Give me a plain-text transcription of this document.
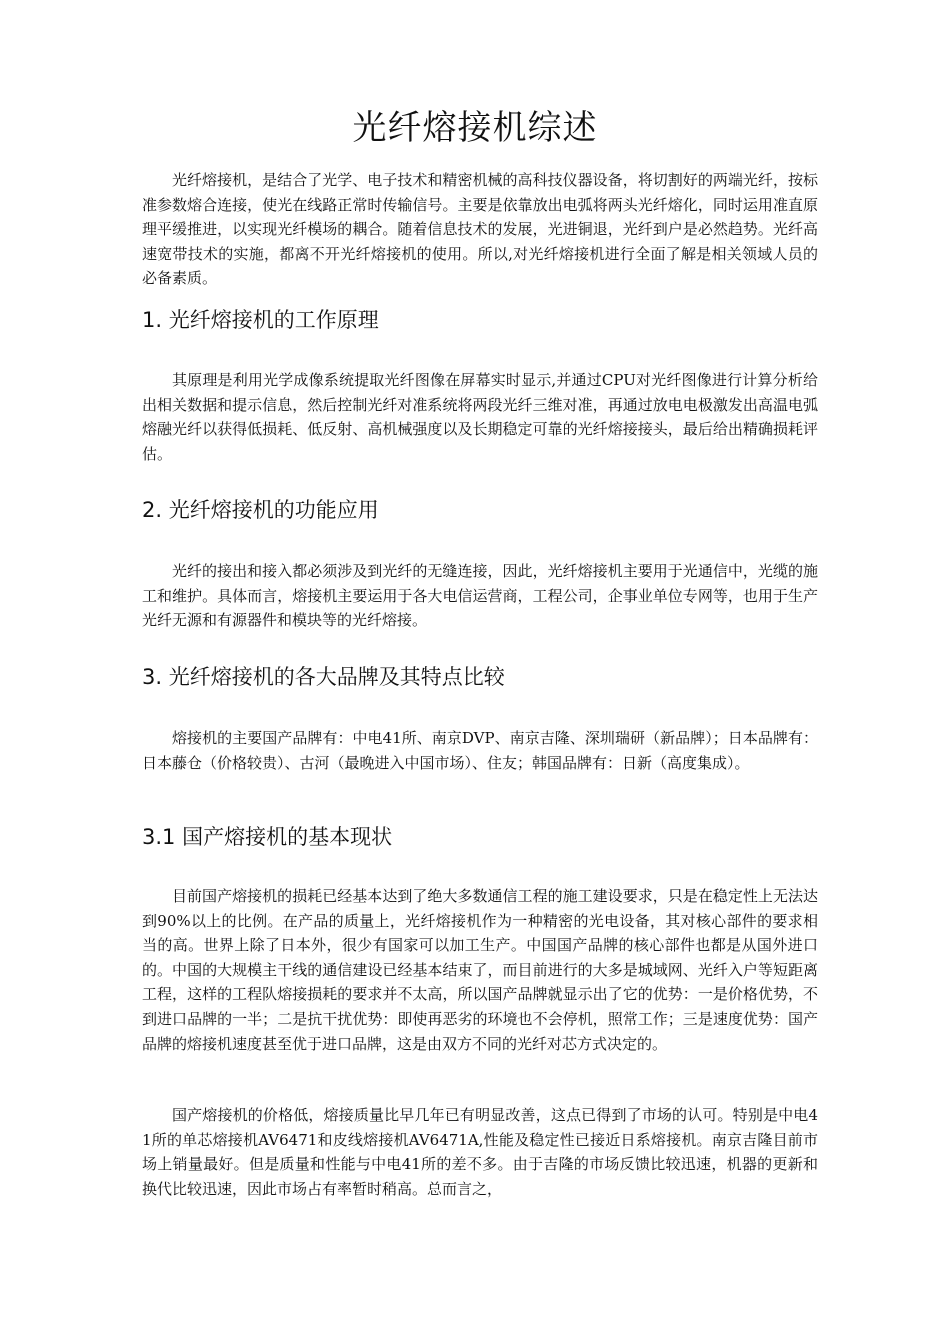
光纤熔接机综述

光纤熔接机，是结合了光学、电子技术和精密机械的高科技仪器设备，将切割好的两端光纤，按标准参数熔合连接，使光在线路正常时传输信号。主要是依靠放出电弧将两头光纤熔化，同时运用准直原理平缓推进，以实现光纤模场的耦合。随着信息技术的发展，光进铜退，光纤到户是必然趋势。光纤高速宽带技术的实施，都离不开光纤熔接机的使用。所以,对光纤熔接机进行全面了解是相关领域人员的必备素质。

1. 光纤熔接机的工作原理

其原理是利用光学成像系统提取光纤图像在屏幕实时显示,并通过CPU对光纤图像进行计算分析给出相关数据和提示信息，然后控制光纤对准系统将两段光纤三维对准，再通过放电电极激发出高温电弧熔融光纤以获得低损耗、低反射、高机械强度以及长期稳定可靠的光纤熔接接头，最后给出精确损耗评估。

2. 光纤熔接机的功能应用

光纤的接出和接入都必须涉及到光纤的无缝连接，因此，光纤熔接机主要用于光通信中，光缆的施工和维护。具体而言，熔接机主要运用于各大电信运营商，工程公司，企事业单位专网等，也用于生产光纤无源和有源器件和模块等的光纤熔接。

3. 光纤熔接机的各大品牌及其特点比较

熔接机的主要国产品牌有：中电41所、南京DVP、南京吉隆、深圳瑞研（新品牌）；日本品牌有：日本藤仓（价格较贵）、古河（最晚进入中国市场）、住友；韩国品牌有：日新（高度集成）。

3.1 国产熔接机的基本现状

目前国产熔接机的损耗已经基本达到了绝大多数通信工程的施工建设要求，只是在稳定性上无法达到90%以上的比例。在产品的质量上，光纤熔接机作为一种精密的光电设备，其对核心部件的要求相当的高。世界上除了日本外，很少有国家可以加工生产。中国国产品牌的核心部件也都是从国外进口的。中国的大规模主干线的通信建设已经基本结束了，而目前进行的大多是城域网、光纤入户等短距离工程，这样的工程队熔接损耗的要求并不太高，所以国产品牌就显示出了它的优势：一是价格优势，不到进口品牌的一半；二是抗干扰优势：即使再恶劣的环境也不会停机，照常工作；三是速度优势：国产品牌的熔接机速度甚至优于进口品牌，这是由双方不同的光纤对芯方式决定的。

国产熔接机的价格低，熔接质量比早几年已有明显改善，这点已得到了市场的认可。特别是中电41所的单芯熔接机AV6471和皮线熔接机AV6471A,性能及稳定性已接近日系熔接机。南京吉隆目前市场上销量最好。但是质量和性能与中电41所的差不多。由于吉隆的市场反馈比较迅速，机器的更新和换代比较迅速，因此市场占有率暂时稍高。总而言之，
